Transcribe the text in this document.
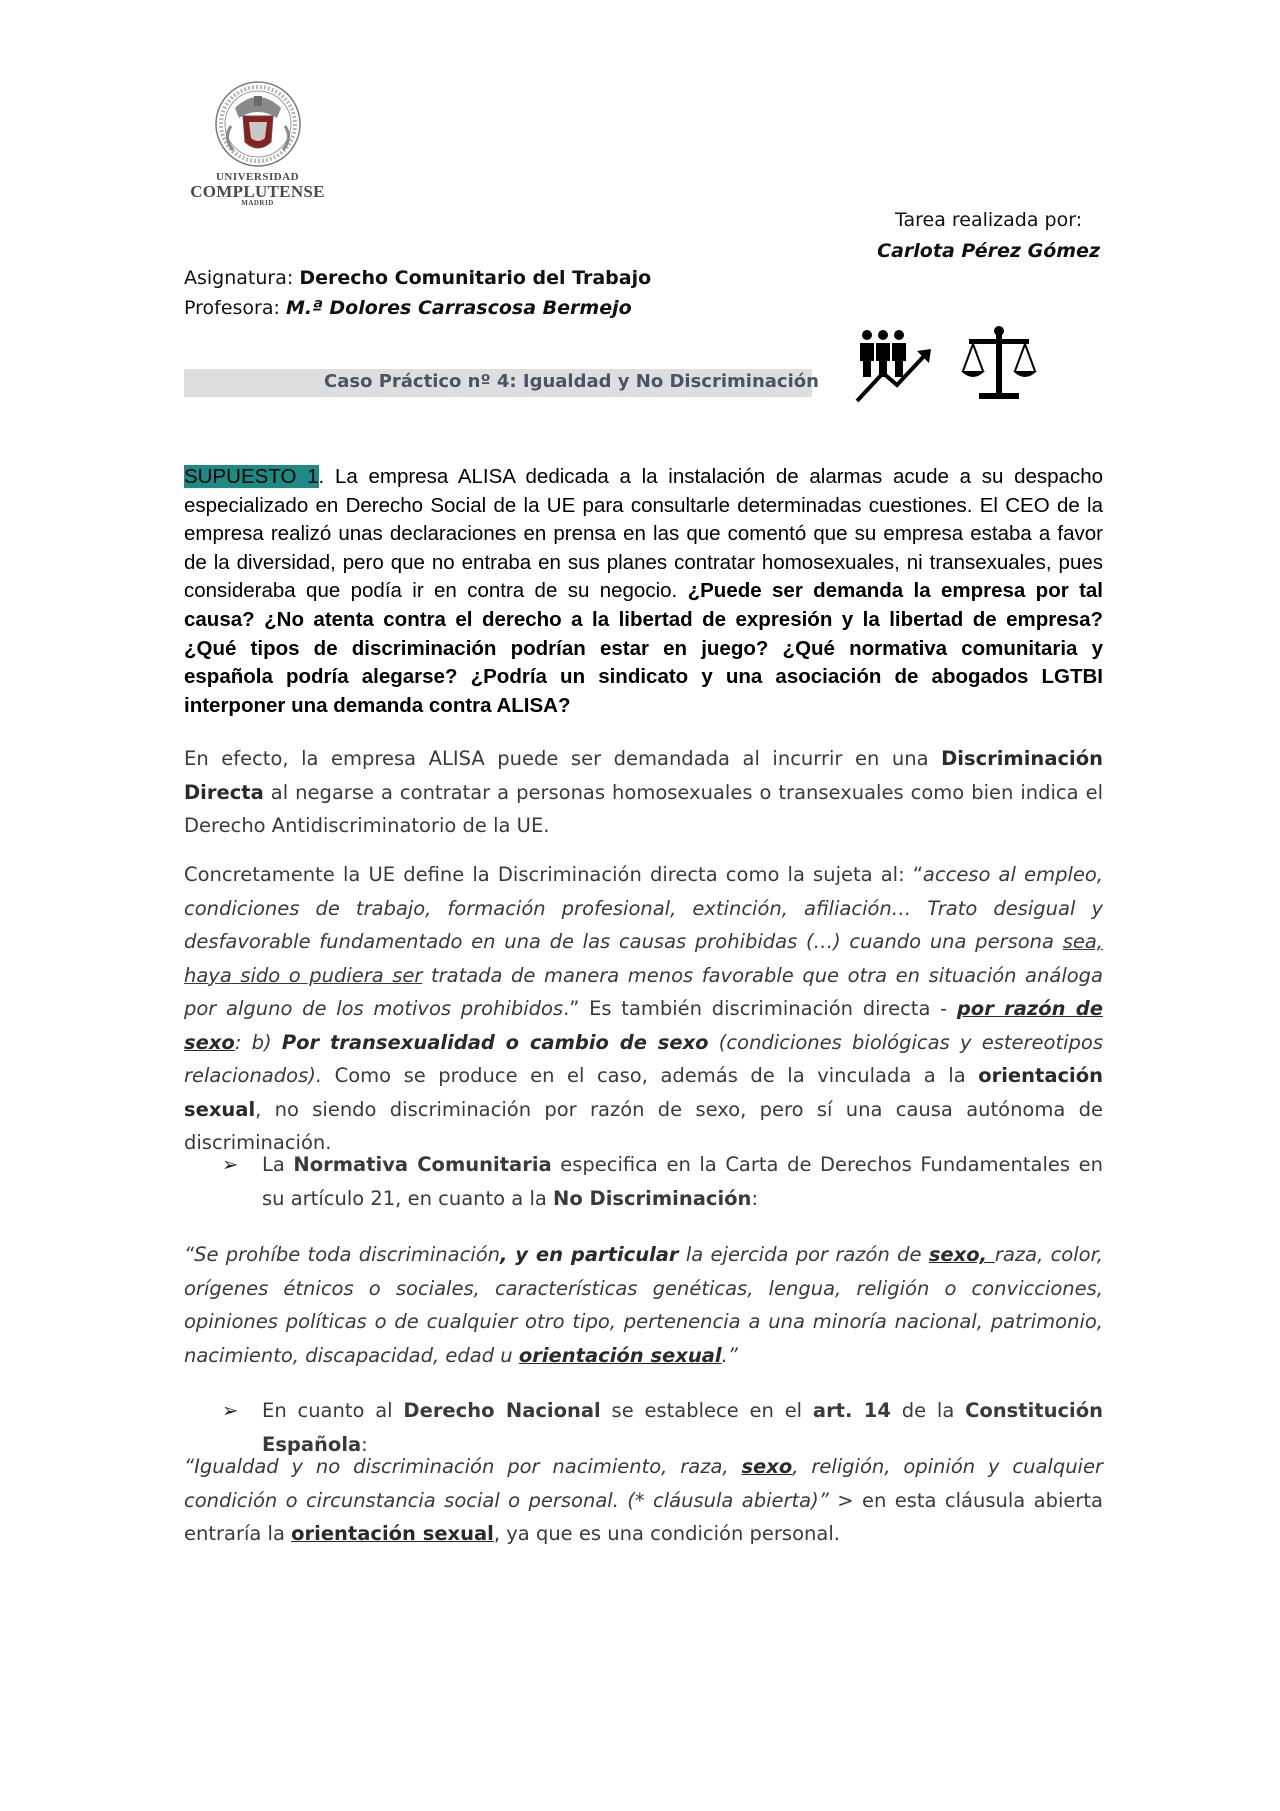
UNIVERSIDAD
COMPLUTENSE
MADRID
Tarea realizada por:
Carlota Pérez Gómez
Asignatura: Derecho Comunitario del Trabajo
Profesora: M.ª Dolores Carrascosa Bermejo
Caso Práctico nº 4: Igualdad y No Discriminación
SUPUESTO 1. La empresa ALISA dedicada a la instalación de alarmas acude a su despacho especializado en Derecho Social de la UE para consultarle determinadas cuestiones. El CEO de la empresa realizó unas declaraciones en prensa en las que comentó que su empresa estaba a favor de la diversidad, pero que no entraba en sus planes contratar homosexuales, ni transexuales, pues consideraba que podía ir en contra de su negocio. ¿Puede ser demanda la empresa por tal causa? ¿No atenta contra el derecho a la libertad de expresión y la libertad de empresa? ¿Qué tipos de discriminación podrían estar en juego? ¿Qué normativa comunitaria y española podría alegarse? ¿Podría un sindicato y una asociación de abogados LGTBI interponer una demanda contra ALISA?
En efecto, la empresa ALISA puede ser demandada al incurrir en una Discriminación Directa al negarse a contratar a personas homosexuales o transexuales como bien indica el Derecho Antidiscriminatorio de la UE.
Concretamente la UE define la Discriminación directa como la sujeta al: “acceso al empleo, condiciones de trabajo, formación profesional, extinción, afiliación… Trato desigual y desfavorable fundamentado en una de las causas prohibidas (…) cuando una persona sea, haya sido o pudiera ser tratada de manera menos favorable que otra en situación análoga por alguno de los motivos prohibidos.” Es también discriminación directa - por razón de sexo: b) Por transexualidad o cambio de sexo (condiciones biológicas y estereotipos relacionados). Como se produce en el caso, además de la vinculada a la orientación sexual, no siendo discriminación por razón de sexo, pero sí una causa autónoma de discriminación.
➢ La Normativa Comunitaria especifica en la Carta de Derechos Fundamentales en su artículo 21, en cuanto a la No Discriminación:
“Se prohíbe toda discriminación, y en particular la ejercida por razón de sexo, raza, color, orígenes étnicos o sociales, características genéticas, lengua, religión o convicciones, opiniones políticas o de cualquier otro tipo, pertenencia a una minoría nacional, patrimonio, nacimiento, discapacidad, edad u orientación sexual.”
➢ En cuanto al Derecho Nacional se establece en el art. 14 de la Constitución Española:
“Igualdad y no discriminación por nacimiento, raza, sexo, religión, opinión y cualquier condición o circunstancia social o personal. (* cláusula abierta)” > en esta cláusula abierta entraría la orientación sexual, ya que es una condición personal.
